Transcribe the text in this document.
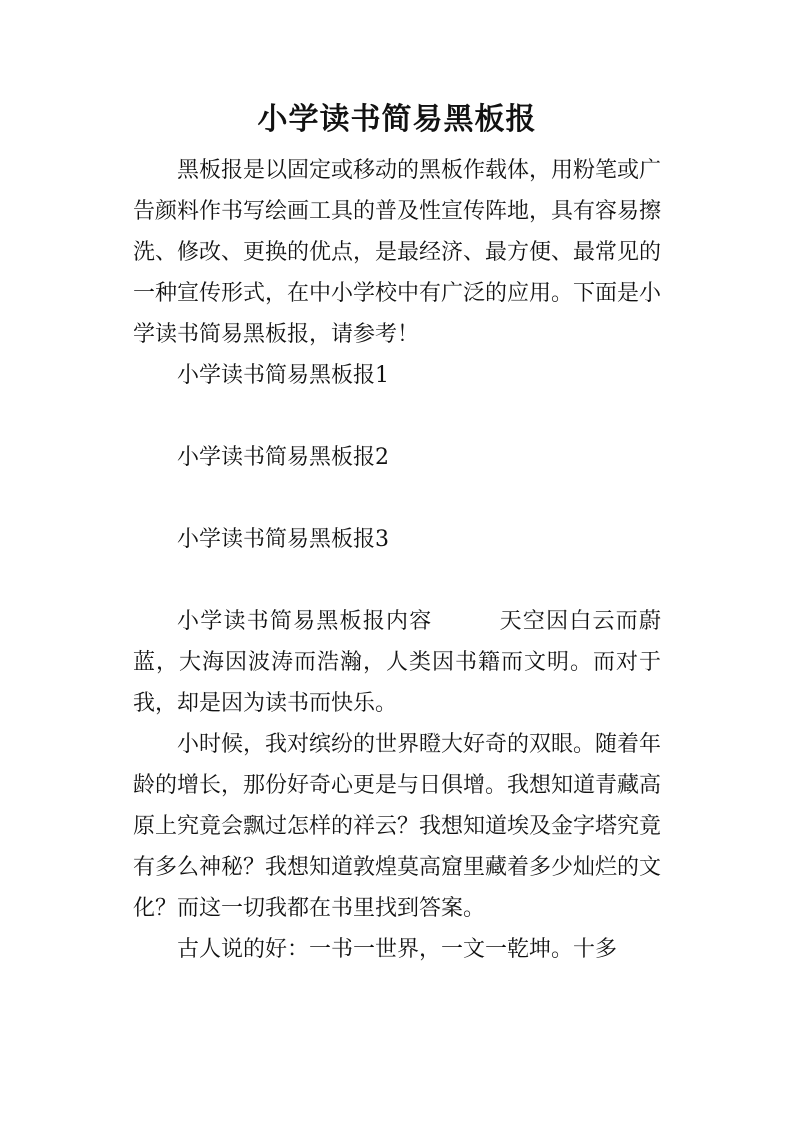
小学读书简易黑板报

黑板报是以固定或移动的黑板作载体，用粉笔或广告颜料作书写绘画工具的普及性宣传阵地，具有容易擦洗、修改、更换的优点，是最经济、最方便、最常见的一种宣传形式，在中小学校中有广泛的应用。下面是小学读书简易黑板报，请参考！

小学读书简易黑板报1

小学读书简易黑板报2

小学读书简易黑板报3

小学读书简易黑板报内容	天空因白云而蔚蓝，大海因波涛而浩瀚，人类因书籍而文明。而对于我，却是因为读书而快乐。

小时候，我对缤纷的世界瞪大好奇的双眼。随着年龄的增长，那份好奇心更是与日俱增。我想知道青藏高原上究竟会飘过怎样的祥云？我想知道埃及金字塔究竟有多么神秘？我想知道敦煌莫高窟里藏着多少灿烂的文化？而这一切我都在书里找到答案。

古人说的好：一书一世界，一文一乾坤。十多
